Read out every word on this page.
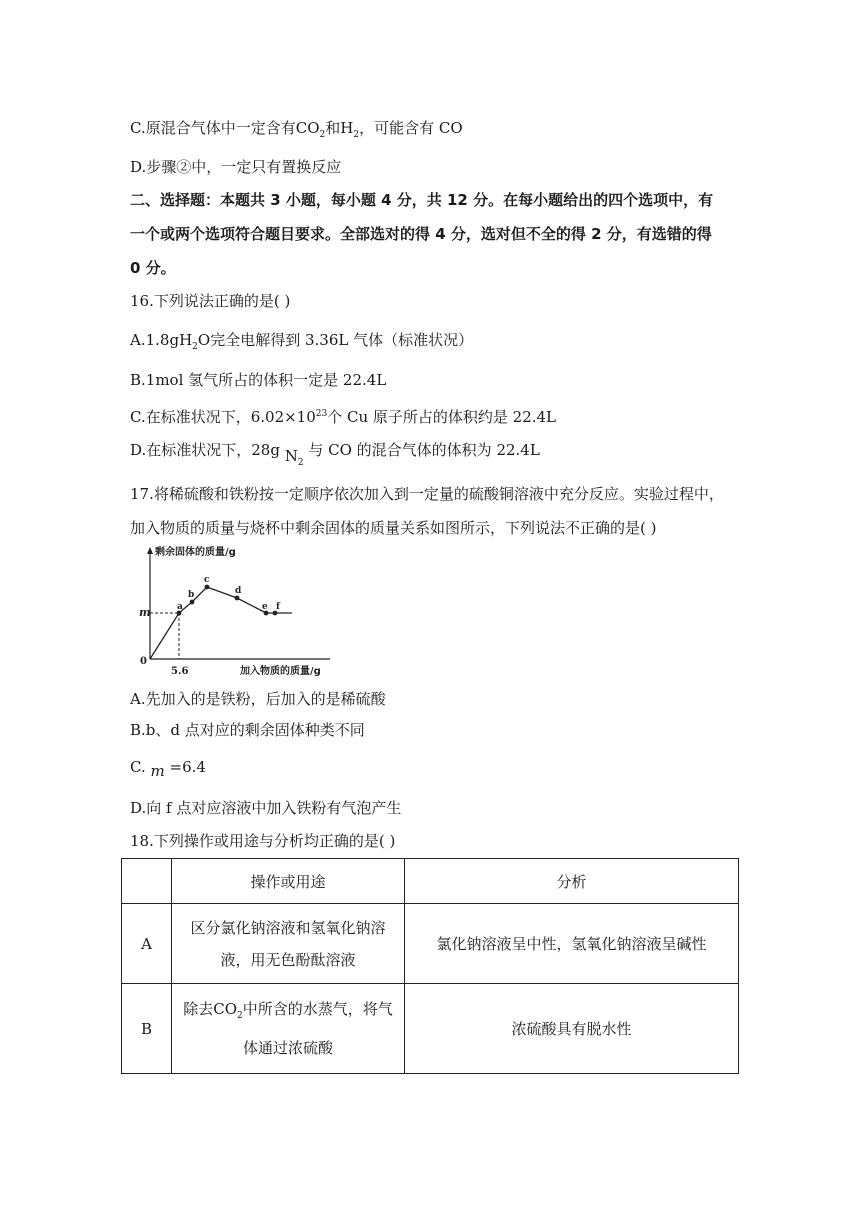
C.原混合气体中一定含有$CO_2$和$H_2$，可能含有 CO
D.步骤②中，一定只有置换反应
二、选择题：本题共 3 小题，每小题 4 分，共 12 分。在每小题给出的四个选项中，有
一个或两个选项符合题目要求。全部选对的得 4 分，选对但不全的得 2 分，有选错的得
0 分。
16.下列说法正确的是( )
$A.1.8gH_2O$完全电解得到 3.36L 气体（标准状况）
B.1mol 氢气所占的体积一定是 22.4L
C.在标准状况下，$6.02\times 10^{23}$个 Cu 原子所占的体积约是 22.4L
D.在标准状况下，28g $N_2$ 与 CO 的混合气体的体积为 22.4L
17.将稀硫酸和铁粉按一定顺序依次加入到一定量的硫酸铜溶液中充分反应。实验过程中，
加入物质的质量与烧杯中剩余固体的质量关系如图所示，下列说法不正确的是( )
剩余固体的质量/g
加入物质的质量/g
0
5.6
m	a
b
c
d
e f
A.先加入的是铁粉，后加入的是稀硫酸
B.b、d 点对应的剩余固体种类不同
C. m =6.4
D.向 f 点对应溶液中加入铁粉有气泡产生
18.下列操作或用途与分析均正确的是( )
	操作或用途	分析
A	区分氯化钠溶液和氢氧化钠溶液，用无色酚酞溶液	氯化钠溶液呈中性，氢氧化钠溶液呈碱性
B	除去$CO_2$中所含的水蒸气，将气体通过浓硫酸	浓硫酸具有脱水性
